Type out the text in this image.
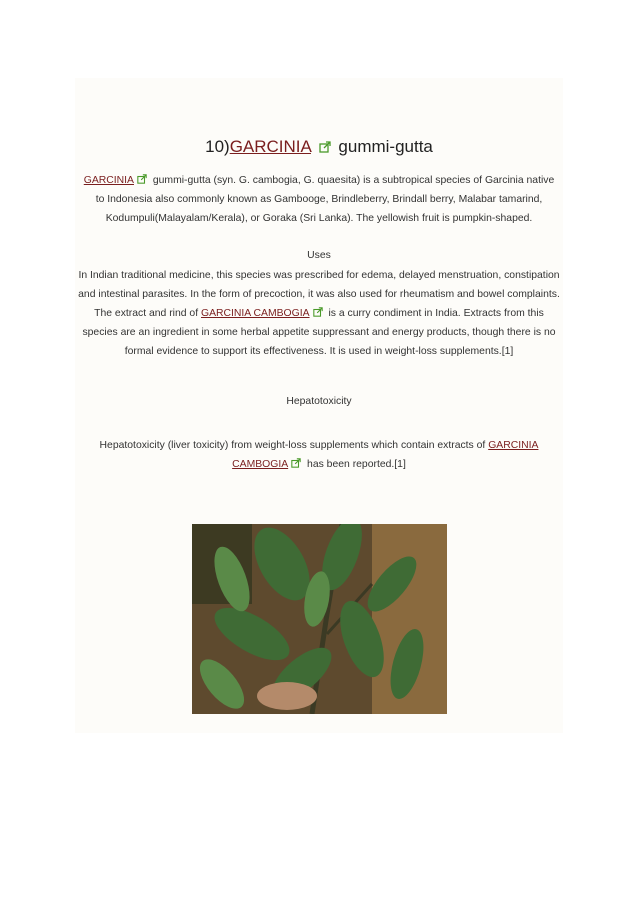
10)GARCINIA gummi-gutta
GARCINIA gummi-gutta (syn. G. cambogia, G. quaesita) is a subtropical species of Garcinia native to Indonesia also commonly known as Gambooge, Brindleberry, Brindall berry, Malabar tamarind, Kodumpuli(Malayalam/Kerala), or Goraka (Sri Lanka). The yellowish fruit is pumpkin-shaped.
Uses
In Indian traditional medicine, this species was prescribed for edema, delayed menstruation, constipation and intestinal parasites. In the form of precoction, it was also used for rheumatism and bowel complaints.
The extract and rind of GARCINIA CAMBOGIA is a curry condiment in India. Extracts from this species are an ingredient in some herbal appetite suppressant and energy products, though there is no formal evidence to support its effectiveness. It is used in weight-loss supplements.[1]
Hepatotoxicity
Hepatotoxicity (liver toxicity) from weight-loss supplements which contain extracts of GARCINIA CAMBOGIA has been reported.[1]
